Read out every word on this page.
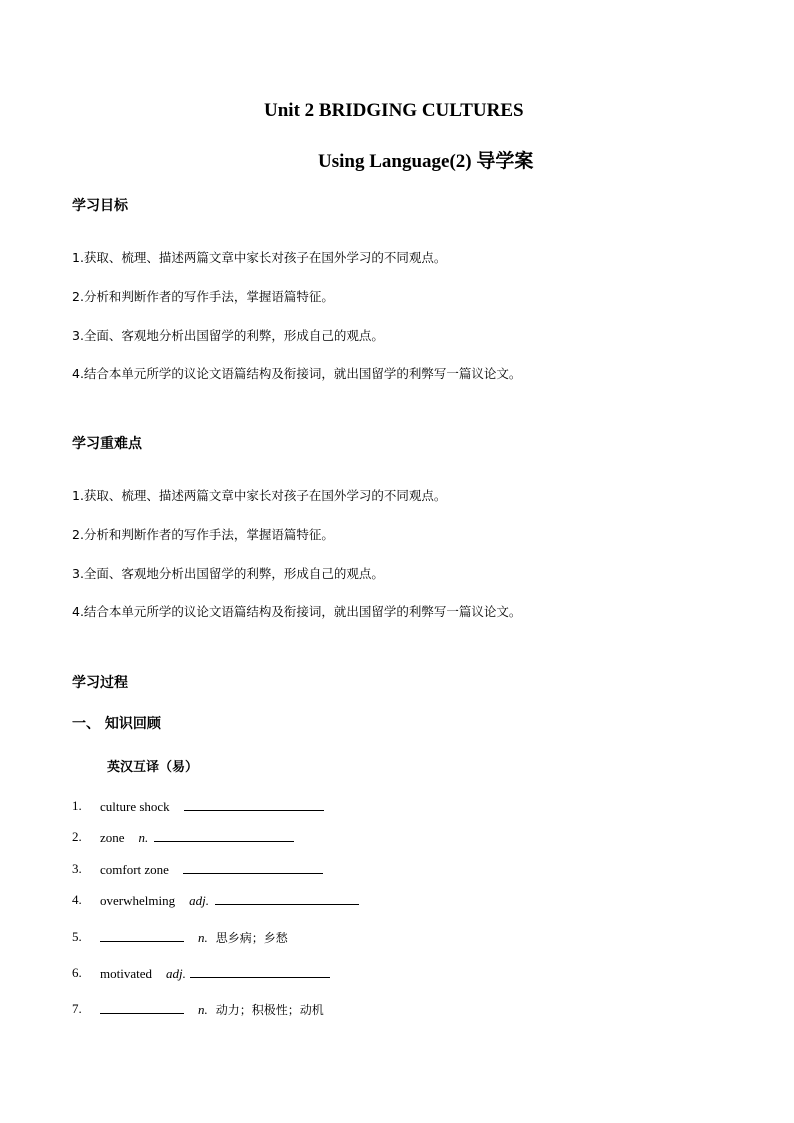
Unit 2 BRIDGING CULTURES
Using Language(2) 导学案
学习目标
1.获取、梳理、描述两篇文章中家长对孩子在国外学习的不同观点。
2.分析和判断作者的写作手法，掌握语篇特征。
3.全面、客观地分析出国留学的利弊，形成自己的观点。
4.结合本单元所学的议论文语篇结构及衔接词，就出国留学的利弊写一篇议论文。
学习重难点
1.获取、梳理、描述两篇文章中家长对孩子在国外学习的不同观点。
2.分析和判断作者的写作手法，掌握语篇特征。
3.全面、客观地分析出国留学的利弊，形成自己的观点。
4.结合本单元所学的议论文语篇结构及衔接词，就出国留学的利弊写一篇议论文。
学习过程
一、 知识回顾
英汉互译（易）
1. culture shock
2. zone n.
3. comfort zone
4. overwhelming adj.
5.	n. 思乡病；乡愁
6. motivated adj.
7.	n. 动力；积极性；动机
